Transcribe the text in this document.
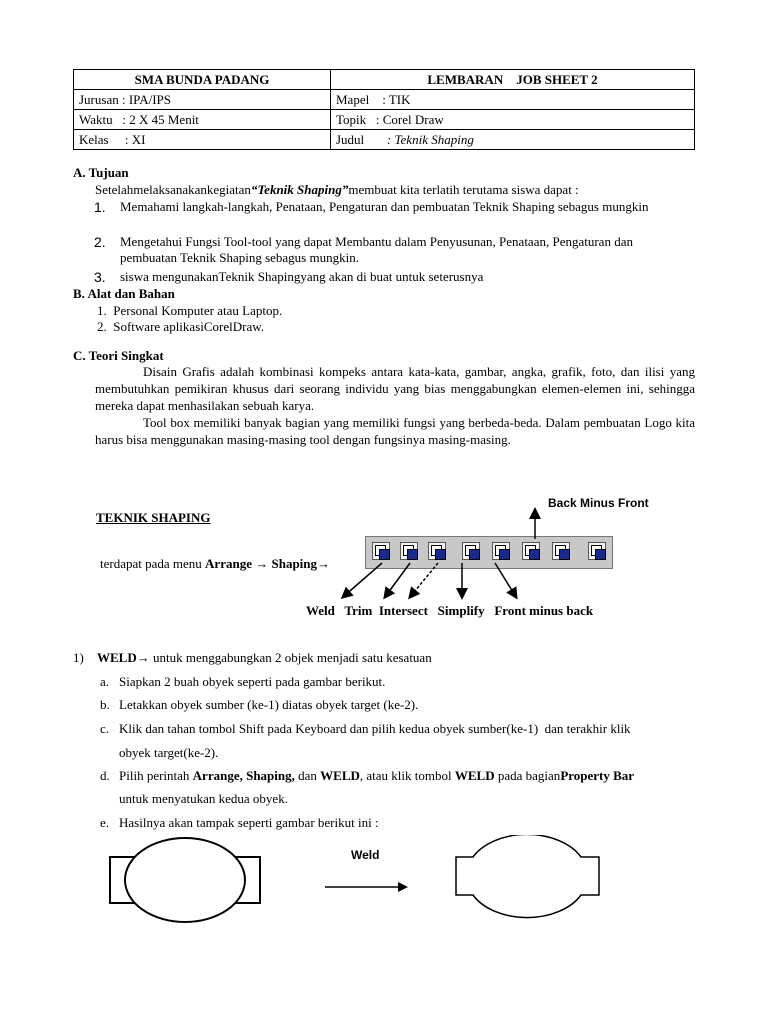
SMA BUNDA PADANG	LEMBARAN    JOB SHEET 2
Jurusan : IPA/IPS	Mapel    : TIK
Waktu   : 2 X 45 Menit	Topik   : Corel Draw
Kelas     : XI	Judul       : Teknik Shaping
A. Tujuan
Setelahmelaksanakankegiatan“Teknik Shaping”membuat kita terlatih terutama siswa dapat :
1. Memahami langkah-langkah, Penataan, Pengaturan dan pembuatan Teknik Shaping sebagus mungkin
2. Mengetahui Fungsi Tool-tool yang dapat Membantu dalam Penyusunan, Penataan, Pengaturan dan pembuatan Teknik Shaping sebagus mungkin.
3. siswa mengunakanTeknik Shapingyang akan di buat untuk seterusnya
B. Alat dan Bahan
1.  Personal Komputer atau Laptop.
2.  Software aplikasiCorelDraw.
C. Teori Singkat
Disain Grafis adalah kombinasi kompeks antara kata-kata, gambar, angka, grafik, foto, dan ilisi yang membutuhkan pemikiran khusus dari seorang individu yang bias menggabungkan elemen-elemen ini, sehingga mereka dapat menhasilakan sebuah karya.
Tool box memiliki banyak bagian yang memiliki fungsi yang berbeda-beda. Dalam pembuatan Logo kita harus bisa menggunakan masing-masing tool dengan fungsinya masing-masing.
TEKNIK SHAPING
Back Minus Front
terdapat pada menu Arrange → Shaping→
Weld   Trim  Intersect   Simplify   Front minus back
1) WELD→ untuk menggabungkan 2 objek menjadi satu kesatuan
a. Siapkan 2 buah obyek seperti pada gambar berikut.
b. Letakkan obyek sumber (ke-1) diatas obyek target (ke-2).
c. Klik dan tahan tombol Shift pada Keyboard dan pilih kedua obyek sumber(ke-1)  dan terakhir klik
obyek target(ke-2).
d. Pilih perintah Arrange, Shaping, dan WELD, atau klik tombol WELD pada bagianProperty Bar
untuk menyatukan kedua obyek.
e. Hasilnya akan tampak seperti gambar berikut ini :
Weld
